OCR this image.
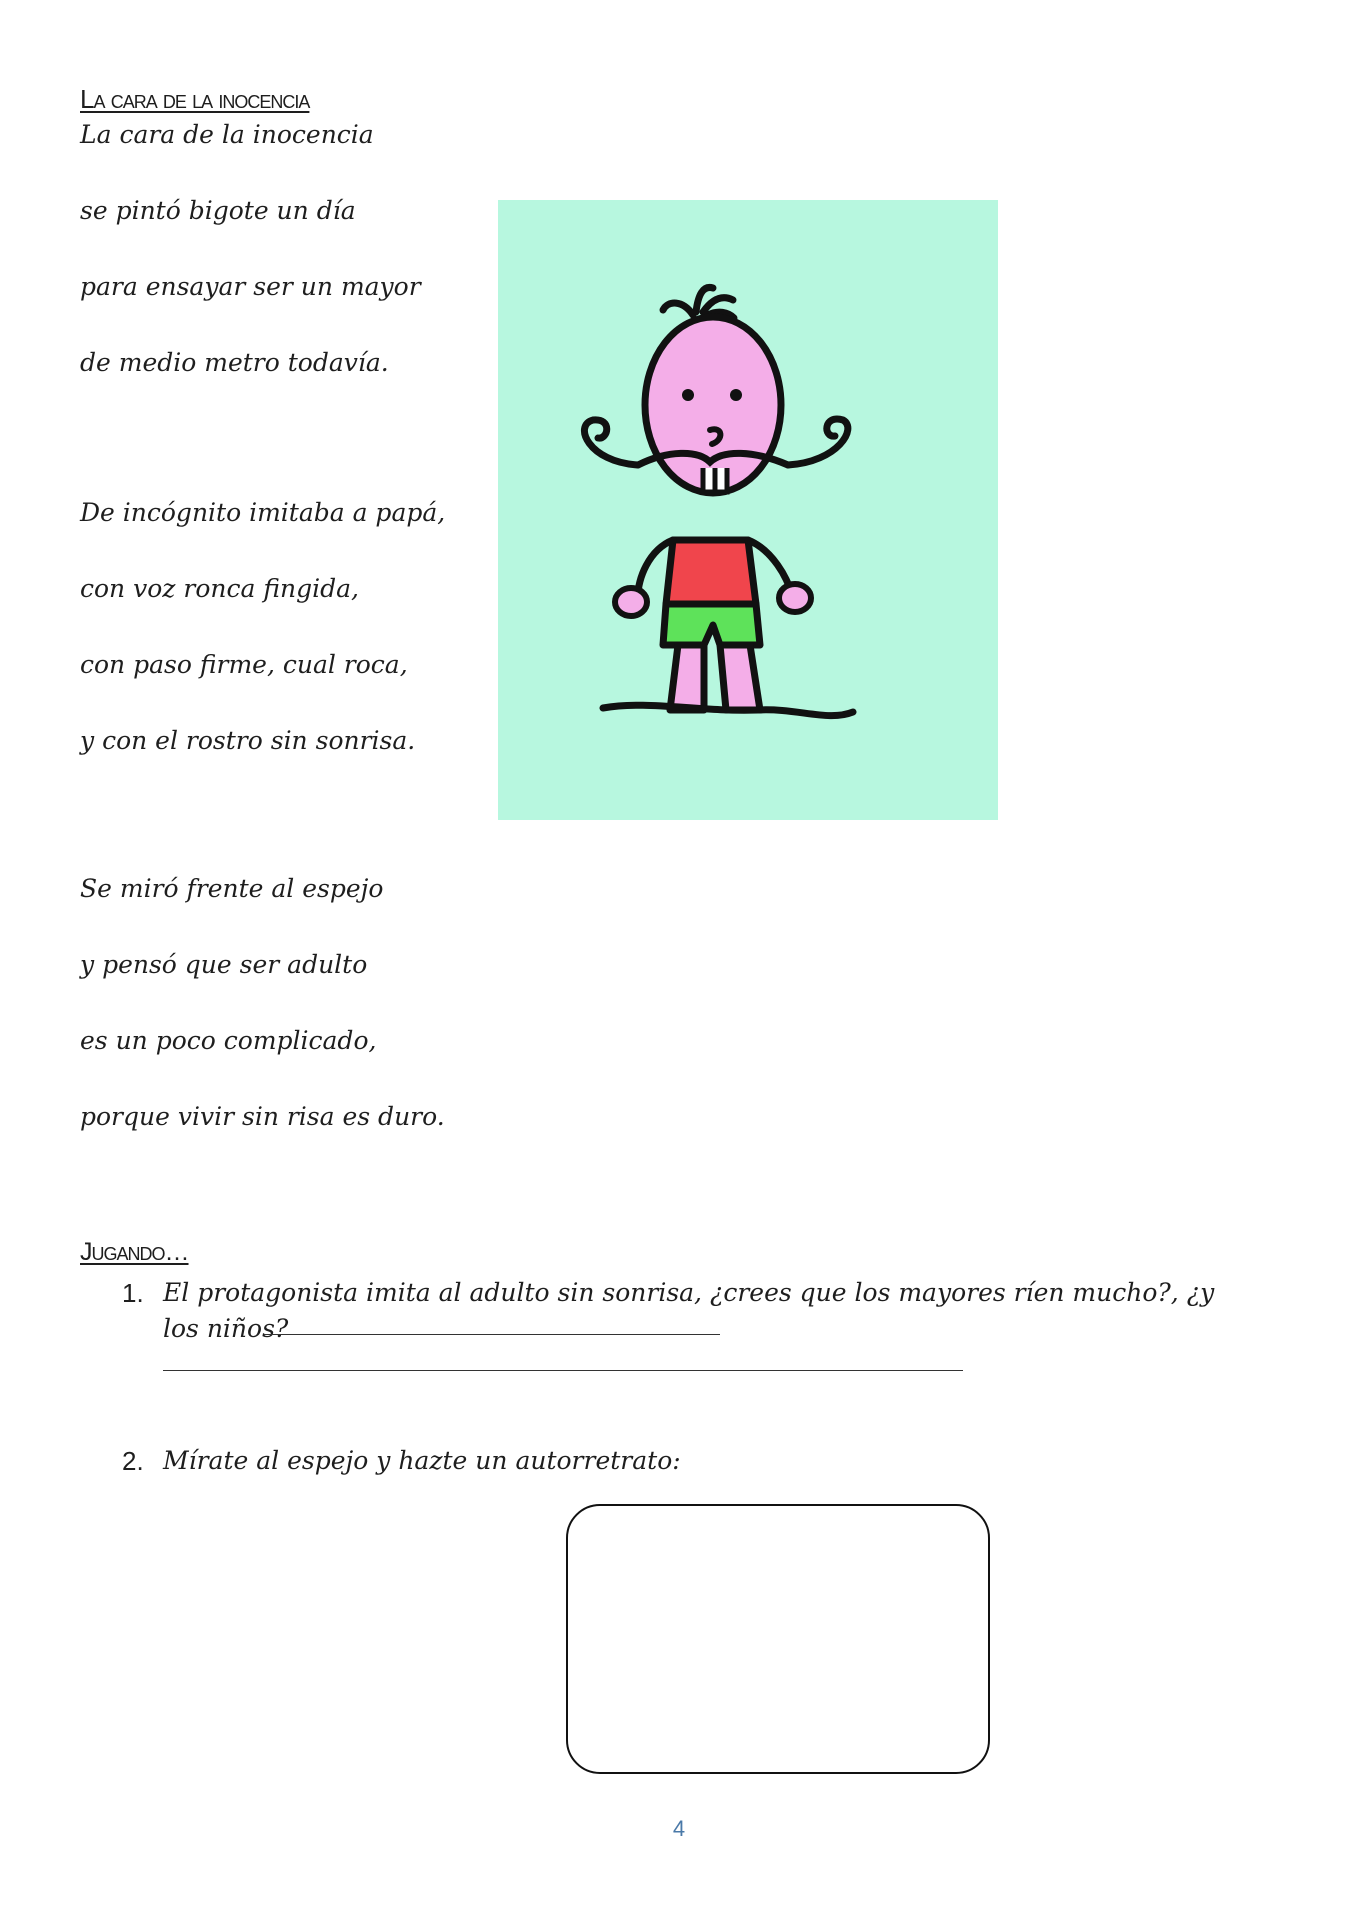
La cara de la inocencia

La cara de la inocencia

se pintó bigote un día

para ensayar ser un mayor

de medio metro todavía.

De incógnito imitaba a papá,

con voz ronca fingida,

con paso firme, cual roca,

y con el rostro sin sonrisa.

Se miró frente al espejo

y pensó que ser adulto

es un poco complicado,

porque vivir sin risa es duro.

Jugando…
1. El protagonista imita al adulto sin sonrisa, ¿crees que los mayores ríen mucho?, ¿y los niños?

2. Mírate al espejo y hazte un autorretrato:

4
